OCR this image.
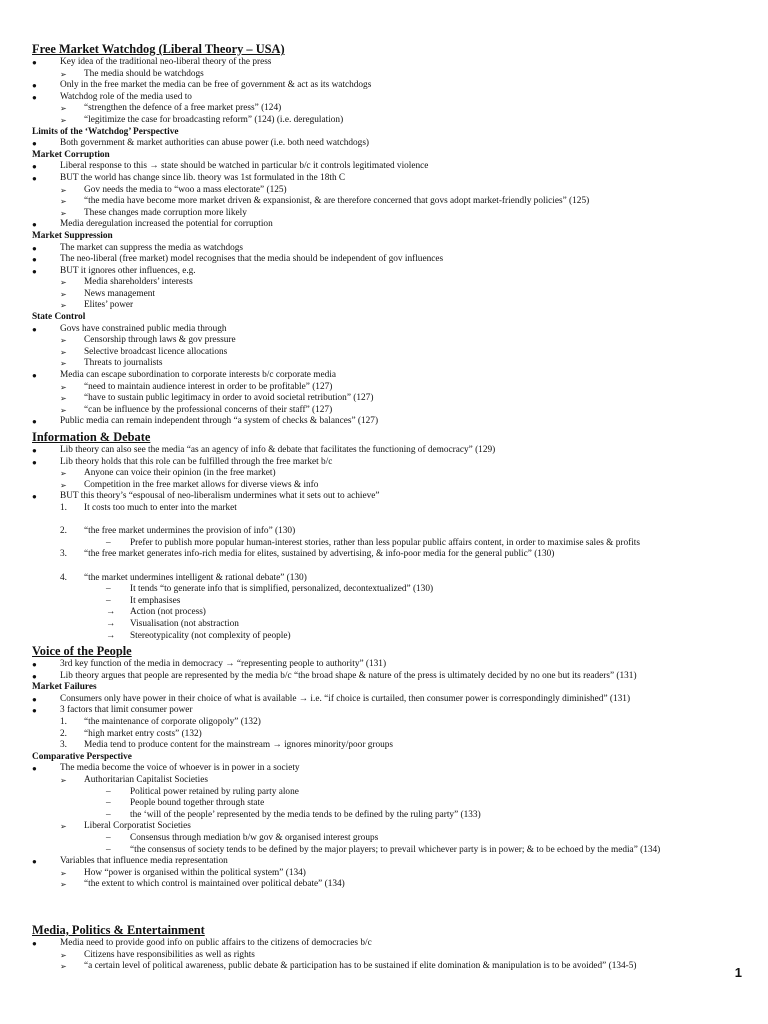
Free Market Watchdog (Liberal Theory – USA)
●	Key idea of the traditional neo-liberal theory of the press
➢	The media should be watchdogs
●	Only in the free market the media can be free of government & act as its watchdogs
●	Watchdog role of the media used to
➢	“strengthen the defence of a free market press” (124)
➢	“legitimize the case for broadcasting reform” (124) (i.e. deregulation)
Limits of the ‘Watchdog’ Perspective
●	Both government & market authorities can abuse power (i.e. both need watchdogs)
Market Corruption
●	Liberal response to this → state should be watched in particular b/c it controls legitimated violence
●	BUT the world has change since lib. theory was 1st formulated in the 18th C
➢	Gov needs the media to “woo a mass electorate” (125)
➢	“the media have become more market driven & expansionist, & are therefore concerned that govs adopt market-friendly policies” (125)
➢	These changes made corruption more likely
●	Media deregulation increased the potential for corruption
Market Suppression
●	The market can suppress the media as watchdogs
●	The neo-liberal (free market) model recognises that the media should be independent of gov influences
●	BUT it ignores other influences, e.g.
➢	Media shareholders’ interests
➢	News management
➢	Elites’ power
State Control
●	Govs have constrained public media through
➢	Censorship through laws & gov pressure
➢	Selective broadcast licence allocations
➢	Threats to journalists
●	Media can escape subordination to corporate interests b/c corporate media
➢	“need to maintain audience interest in order to be profitable” (127)
➢	“have to sustain public legitimacy in order to avoid societal retribution” (127)
➢	“can be influence by the professional concerns of their staff” (127)
●	Public media can remain independent through “a system of checks & balances” (127)
Information & Debate
●	Lib theory can also see the media “as an agency of info & debate that facilitates the functioning of democracy” (129)
●	Lib theory holds that this role can be fulfilled through the free market b/c
➢	Anyone can voice their opinion (in the free market)
➢	Competition in the free market allows for diverse views & info
●	BUT this theory’s “espousal of neo-liberalism undermines what it sets out to achieve”
1.	It costs too much to enter into the market
2.	“the free market undermines the provision of info” (130)
–	Prefer to publish more popular human-interest stories, rather than less popular public affairs content, in order to maximise sales & profits
3.	“the free market generates info-rich media for elites, sustained by advertising, & info-poor media for the general public” (130)
4.	“the market undermines intelligent & rational debate” (130)
–	It tends “to generate info that is simplified, personalized, decontextualized” (130)
–	It emphasises
→	Action (not process)
→	Visualisation (not abstraction
→	Stereotypicality (not complexity of people)
Voice of the People
●	3rd key function of the media in democracy → “representing people to authority” (131)
●	Lib theory argues that people are represented by the media b/c “the broad shape & nature of the press is ultimately decided by no one but its readers” (131)
Market Failures
●	Consumers only have power in their choice of what is available → i.e. “if choice is curtailed, then consumer power is correspondingly diminished” (131)
●	3 factors that limit consumer power
1.	“the maintenance of corporate oligopoly” (132)
2.	“high market entry costs” (132)
3.	Media tend to produce content for the mainstream → ignores minority/poor groups
Comparative Perspective
●	The media become the voice of whoever is in power in a society
➢	Authoritarian Capitalist Societies
–	Political power retained by ruling party alone
–	People bound together through state
–	the ‘will of the people’ represented by the media tends to be defined by the ruling party” (133)
➢	Liberal Corporatist Societies
–	Consensus through mediation b/w gov & organised interest groups
–	“the consensus of society tends to be defined by the major players; to prevail whichever party is in power; & to be echoed by the media” (134)
●	Variables that influence media representation
➢	How “power is organised within the political system” (134)
➢	“the extent to which control is maintained over political debate” (134)
Media, Politics & Entertainment
●	Media need to provide good info on public affairs to the citizens of democracies b/c
➢	Citizens have responsibilities as well as rights
➢	“a certain level of political awareness, public debate & participation has to be sustained if elite domination & manipulation is to be avoided” (134-5)	1
